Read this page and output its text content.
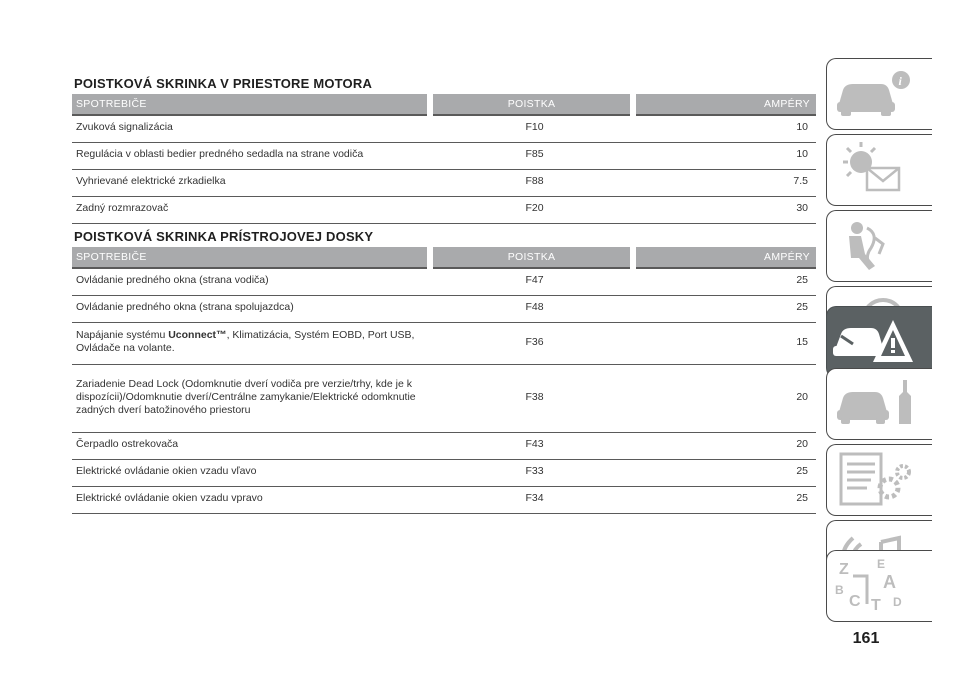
POISTKOVÁ SKRINKA V PRIESTORE MOTORA
SPOTREBIČE	POISTKA	AMPÉRY
Zvuková signalizácia	F10	10
Regulácia v oblasti bedier predného sedadla na strane vodiča	F85	10
Vyhrievané elektrické zrkadielka	F88	7.5
Zadný rozmrazovač	F20	30
POISTKOVÁ SKRINKA PRÍSTROJOVEJ DOSKY
SPOTREBIČE	POISTKA	AMPÉRY
Ovládanie predného okna (strana vodiča)	F47	25
Ovládanie predného okna (strana spolujazdca)	F48	25
Napájanie systému Uconnect™, Klimatizácia, Systém EOBD, Port USB, Ovládače na volante.	F36	15
Zariadenie Dead Lock (Odomknutie dverí vodiča pre verzie/trhy, kde je k dispozícii)/Odomknutie dverí/Centrálne zamykanie/Elektrické odomknutie zadných dverí batožinového priestoru	F38	20
Čerpadlo ostrekovača	F43	20
Elektrické ovládanie okien vzadu vľavo	F33	25
Elektrické ovládanie okien vzadu vpravo	F34	25
i
Z E
A
B
C T D
161
